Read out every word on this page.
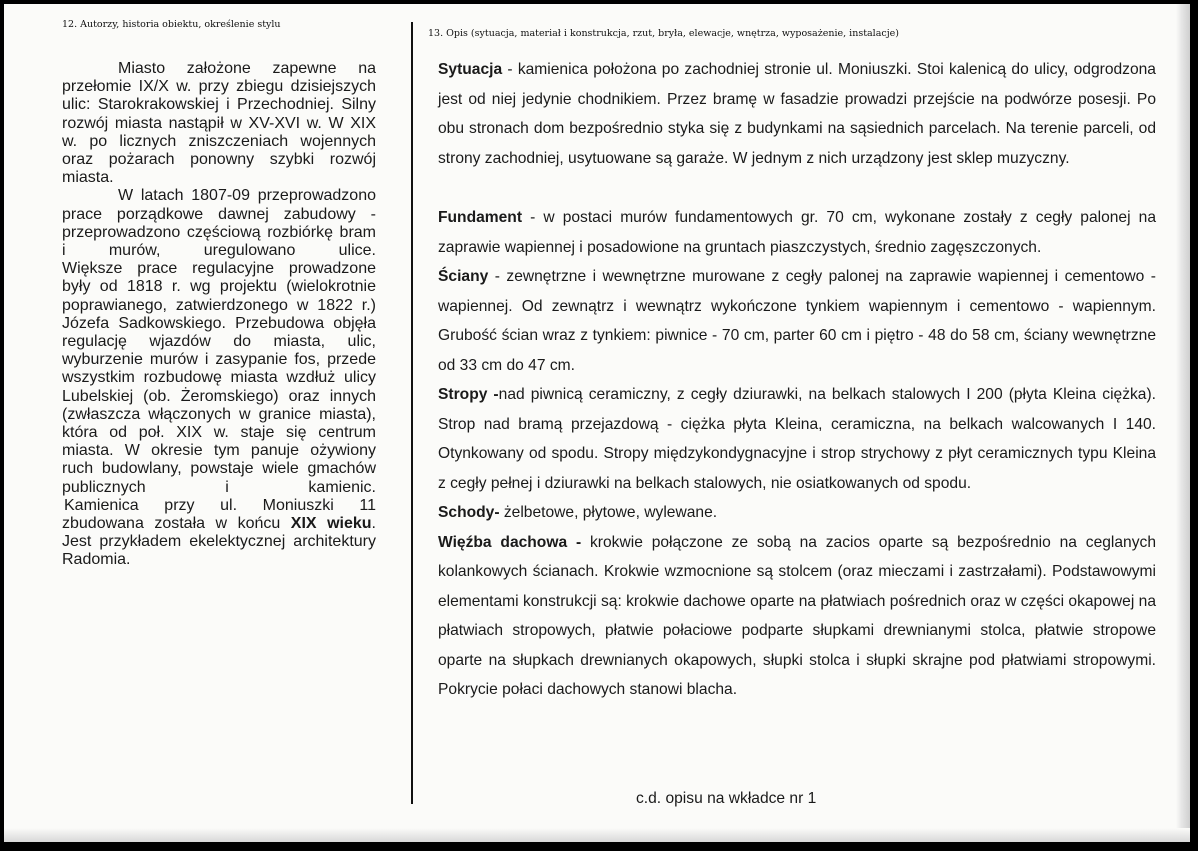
12. Autorzy, historia obiektu, określenie stylu
13. Opis (sytuacja, materiał i konstrukcja, rzut, bryła, elewacje, wnętrza, wyposażenie, instalacje)

Miasto założone zapewne na przełomie IX/X w. przy zbiegu dzisiejszych ulic: Starokrakowskiej i Przechodniej. Silny rozwój miasta nastąpił w XV-XVI w. W XIX w. po licznych zniszczeniach wojennych oraz pożarach ponowny szybki rozwój miasta.

W latach 1807-09 przeprowadzono prace porządkowe dawnej zabudowy - przeprowadzono częściową rozbiórkę bram i murów, uregulowano ulice.

Większe prace regulacyjne prowadzone były od 1818 r. wg projektu (wielokrotnie poprawianego, zatwierdzonego w 1822 r.) Józefa Sadkowskiego. Przebudowa objęła regulację wjazdów do miasta, ulic, wyburzenie murów i zasypanie fos, przede wszystkim rozbudowę miasta wzdłuż ulicy Lubelskiej (ob. Żeromskiego) oraz innych (zwłaszcza włączonych w granice miasta), która od poł. XIX w. staje się centrum miasta. W okresie tym panuje ożywiony ruch budowlany, powstaje wiele gmachów publicznych i kamienic.

Kamienica przy ul. Moniuszki 11 zbudowana została w końcu XIX wieku.

Jest przykładem ekelektycznej architektury Radomia.

Sytuacja - kamienica położona po zachodniej stronie ul. Moniuszki. Stoi kalenicą do ulicy, odgrodzona jest od niej jedynie chodnikiem. Przez bramę w fasadzie prowadzi przejście na podwórze posesji. Po obu stronach dom bezpośrednio styka się z budynkami na sąsiednich parcelach. Na terenie parceli, od strony zachodniej, usytuowane są garaże. W jednym z nich urządzony jest sklep muzyczny.

Fundament - w postaci murów fundamentowych gr. 70 cm, wykonane zostały z cegły palonej na zaprawie wapiennej i posadowione na gruntach piaszczystych, średnio zagęszczonych.

Ściany - zewnętrzne i wewnętrzne murowane z cegły palonej na zaprawie wapiennej i cementowo - wapiennej. Od zewnątrz i wewnątrz wykończone tynkiem wapiennym i cementowo - wapiennym. Grubość ścian wraz z tynkiem: piwnice - 70 cm, parter 60 cm i piętro - 48 do 58 cm, ściany wewnętrzne od 33 cm do 47 cm.

Stropy -nad piwnicą ceramiczny, z cegły dziurawki, na belkach stalowych I 200 (płyta Kleina ciężka). Strop nad bramą przejazdową - ciężka płyta Kleina, ceramiczna, na belkach walcowanych I 140. Otynkowany od spodu. Stropy międzykondygnacyjne i strop strychowy z płyt ceramicznych typu Kleina z cegły pełnej i dziurawki na belkach stalowych, nie osiatkowanych od spodu.

Schody- żelbetowe, płytowe, wylewane.

Więźba dachowa - krokwie połączone ze sobą na zacios oparte są bezpośrednio na ceglanych kolankowych ścianach. Krokwie wzmocnione są stolcem (oraz mieczami i zastrzałami). Podstawowymi elementami konstrukcji są: krokwie dachowe oparte na płatwiach pośrednich oraz w części okapowej na płatwiach stropowych, płatwie połaciowe podparte słupkami drewnianymi stolca, płatwie stropowe oparte na słupkach drewnianych okapowych, słupki stolca i słupki skrajne pod płatwiami stropowymi. Pokrycie połaci dachowych stanowi blacha.

c.d. opisu na wkładce nr 1
